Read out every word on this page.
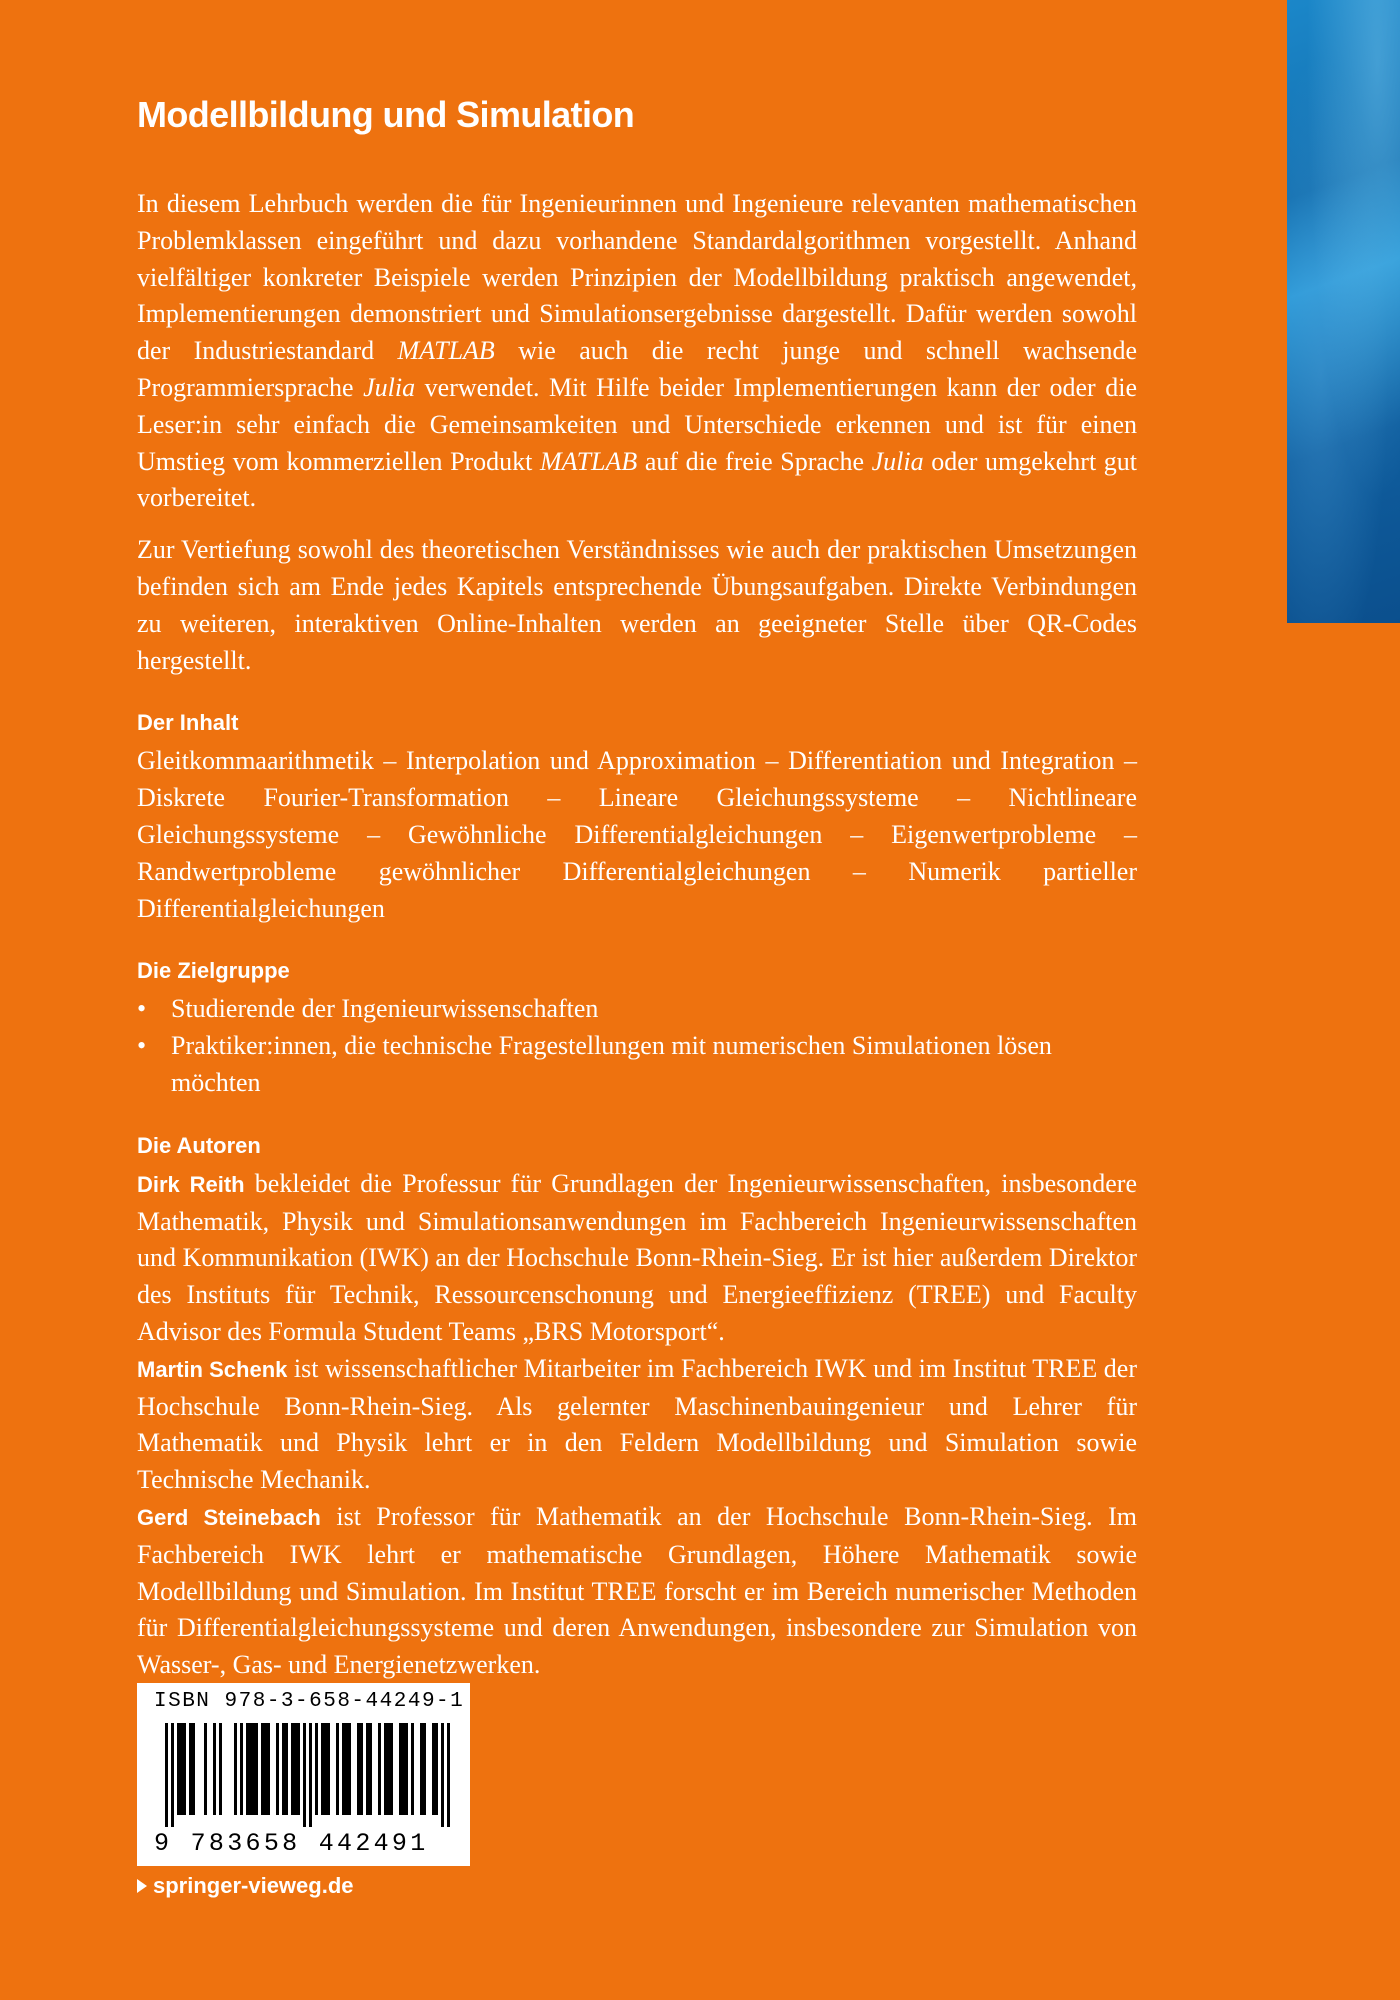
Modellbildung und Simulation

In diesem Lehrbuch werden die für Ingenieurinnen und Ingenieure relevanten mathematischen Problemklassen eingeführt und dazu vorhandene Standardalgorithmen vorgestellt. Anhand vielfältiger konkreter Beispiele werden Prinzipien der Modellbildung praktisch angewendet, Implementierungen demonstriert und Simulationsergebnisse dargestellt. Dafür werden sowohl der Industriestandard MATLAB wie auch die recht junge und schnell wachsende Programmiersprache Julia verwendet. Mit Hilfe beider Implementierungen kann der oder die Leser:in sehr einfach die Gemeinsamkeiten und Unterschiede erkennen und ist für einen Umstieg vom kommerziellen Produkt MATLAB auf die freie Sprache Julia oder umgekehrt gut vorbereitet.

Zur Vertiefung sowohl des theoretischen Verständnisses wie auch der praktischen Umsetzungen befinden sich am Ende jedes Kapitels entsprechende Übungsaufgaben. Direkte Verbindungen zu weiteren, interaktiven Online-Inhalten werden an geeigneter Stelle über QR-Codes hergestellt.

Der Inhalt

Gleitkommaarithmetik – Interpolation und Approximation – Differentiation und Integration – Diskrete Fourier-Transformation – Lineare Gleichungssysteme – Nichtlineare Gleichungssysteme – Gewöhnliche Differentialgleichungen – Eigenwertprobleme – Randwertprobleme gewöhnlicher Differentialgleichungen – Numerik partieller Differentialgleichungen

Die Zielgruppe
• Studierende der Ingenieurwissenschaften
• Praktiker:innen, die technische Fragestellungen mit numerischen Simulationen lösen möchten
Die Autoren

Dirk Reith bekleidet die Professur für Grundlagen der Ingenieurwissenschaften, insbesondere Mathematik, Physik und Simulationsanwendungen im Fachbereich Ingenieurwissenschaften und Kommunikation (IWK) an der Hochschule Bonn-Rhein-Sieg. Er ist hier außerdem Direktor des Instituts für Technik, Ressourcenschonung und Energieeffizienz (TREE) und Faculty Advisor des Formula Student Teams „BRS Motorsport“.

Martin Schenk ist wissenschaftlicher Mitarbeiter im Fachbereich IWK und im Institut TREE der Hochschule Bonn-Rhein-Sieg. Als gelernter Maschinenbauingenieur und Lehrer für Mathematik und Physik lehrt er in den Feldern Modellbildung und Simulation sowie Technische Mechanik.

Gerd Steinebach ist Professor für Mathematik an der Hochschule Bonn-Rhein-Sieg. Im Fachbereich IWK lehrt er mathematische Grundlagen, Höhere Mathematik sowie Modellbildung und Simulation. Im Institut TREE forscht er im Bereich numerischer Methoden für Differentialgleichungssysteme und deren Anwendungen, insbesondere zur Simulation von Wasser-, Gas- und Energienetzwerken.

ISBN 978-3-658-44249-1
9 783658 442491
springer-vieweg.de
